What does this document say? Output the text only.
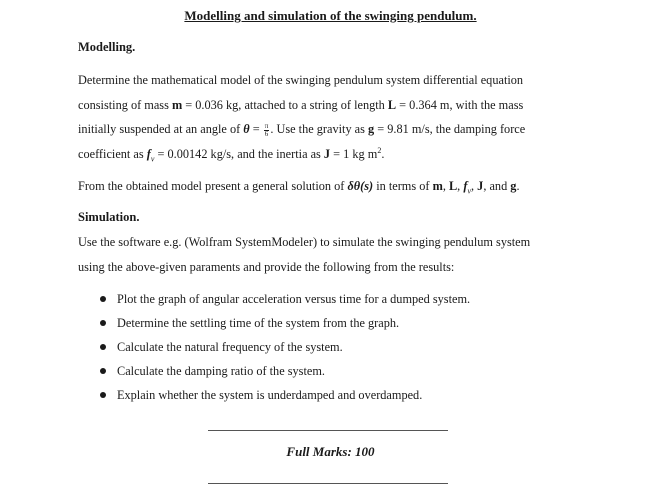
Modelling and simulation of the swinging pendulum.
Modelling.
Determine the mathematical model of the swinging pendulum system differential equation
consisting of mass m = 0.036 kg, attached to a string of length L = 0.364 m, with the mass
initially suspended at an angle of $\theta = \frac{\pi}{6}$ . Use the gravity as g = 9.81 m/s, the damping force
coefficient as $f_v = 0.00142$ kg/s, and the inertia as J = 1 kg $m^2$.
From the obtained model present a general solution of δθ(s) in terms of m, L, $f_v$, J, and g.
Simulation.
Use the software e.g. (Wolfram SystemModeler) to simulate the swinging pendulum system
using the above-given paraments and provide the following from the results:
Plot the graph of angular acceleration versus time for a dumped system.
Determine the settling time of the system from the graph.
Calculate the natural frequency of the system.
Calculate the damping ratio of the system.
Explain whether the system is underdamped and overdamped.
Full Marks: 100
